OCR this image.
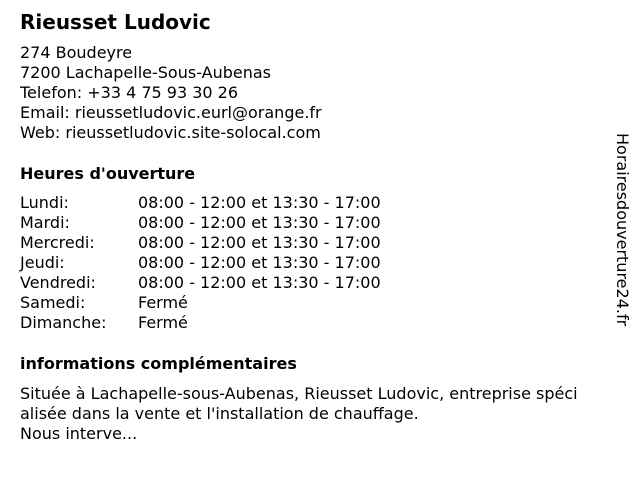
Rieusset Ludovic
274 Boudeyre
7200 Lachapelle-Sous-Aubenas
Telefon: +33 4 75 93 30 26
Email: rieussetludovic.eurl@orange.fr
Web: rieussetludovic.site-solocal.com
Heures d'ouverture
Lundi:	08:00 - 12:00 et 13:30 - 17:00
Mardi:	08:00 - 12:00 et 13:30 - 17:00
Mercredi:	08:00 - 12:00 et 13:30 - 17:00
Jeudi:	08:00 - 12:00 et 13:30 - 17:00
Vendredi:	08:00 - 12:00 et 13:30 - 17:00
Samedi:	Fermé
Dimanche: Fermé
informations complémentaires
Située à Lachapelle-sous-Aubenas, Rieusset Ludovic, entreprise spéci
alisée dans la vente et l'installation de chauffage.
Nous interve...
Horairesdouverture24.fr
